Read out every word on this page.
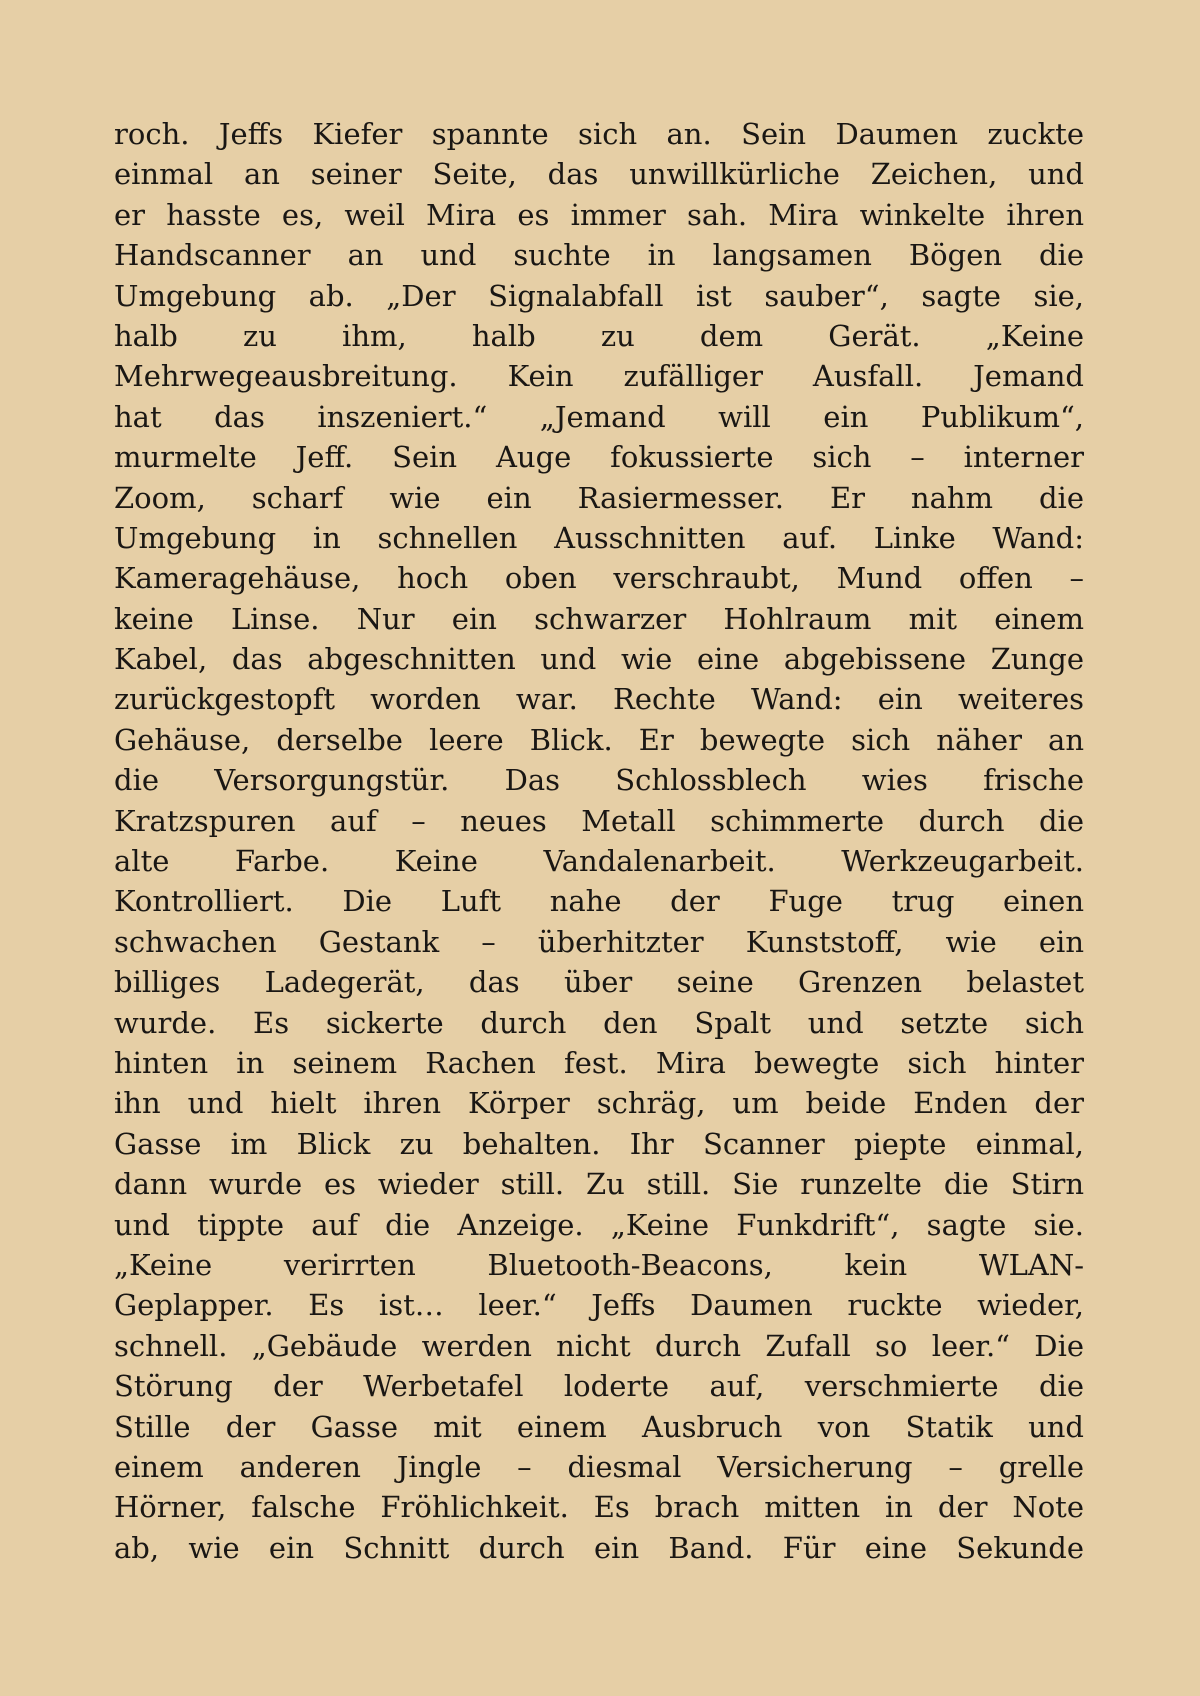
roch. Jeffs Kiefer spannte sich an. Sein Daumen zuckte
einmal an seiner Seite, das unwillkürliche Zeichen, und
er hasste es, weil Mira es immer sah. Mira winkelte ihren
Handscanner an und suchte in langsamen Bögen die
Umgebung ab. „Der Signalabfall ist sauber“, sagte sie,
halb zu ihm, halb zu dem Gerät. „Keine
Mehrwegeausbreitung. Kein zufälliger Ausfall. Jemand
hat das inszeniert.“ „Jemand will ein Publikum“,
murmelte Jeff. Sein Auge fokussierte sich – interner
Zoom, scharf wie ein Rasiermesser. Er nahm die
Umgebung in schnellen Ausschnitten auf. Linke Wand:
Kameragehäuse, hoch oben verschraubt, Mund offen –
keine Linse. Nur ein schwarzer Hohlraum mit einem
Kabel, das abgeschnitten und wie eine abgebissene Zunge
zurückgestopft worden war. Rechte Wand: ein weiteres
Gehäuse, derselbe leere Blick. Er bewegte sich näher an
die Versorgungstür. Das Schlossblech wies frische
Kratzspuren auf – neues Metall schimmerte durch die
alte Farbe. Keine Vandalenarbeit. Werkzeugarbeit.
Kontrolliert. Die Luft nahe der Fuge trug einen
schwachen Gestank – überhitzter Kunststoff, wie ein
billiges Ladegerät, das über seine Grenzen belastet
wurde. Es sickerte durch den Spalt und setzte sich
hinten in seinem Rachen fest. Mira bewegte sich hinter
ihn und hielt ihren Körper schräg, um beide Enden der
Gasse im Blick zu behalten. Ihr Scanner piepte einmal,
dann wurde es wieder still. Zu still. Sie runzelte die Stirn
und tippte auf die Anzeige. „Keine Funkdrift“, sagte sie.
„Keine verirrten Bluetooth-Beacons, kein WLAN-
Geplapper. Es ist… leer.“ Jeffs Daumen ruckte wieder,
schnell. „Gebäude werden nicht durch Zufall so leer.“ Die
Störung der Werbetafel loderte auf, verschmierte die
Stille der Gasse mit einem Ausbruch von Statik und
einem anderen Jingle – diesmal Versicherung – grelle
Hörner, falsche Fröhlichkeit. Es brach mitten in der Note
ab, wie ein Schnitt durch ein Band. Für eine Sekunde
